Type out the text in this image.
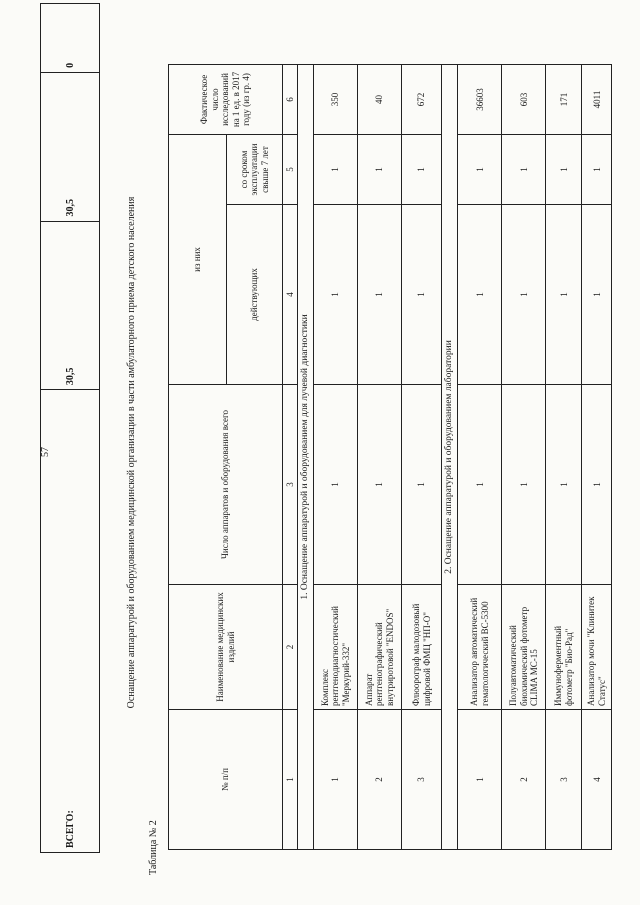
ВСЕГО:	30,5	30,5	0
57	Оснащение аппаратурой и оборудованием медицинской организации в части амбулаторного приема детского населения
Таблица № 2
№ п/п	Наименование медицинских изделий	Число аппаратов и оборудования всего	из них		Фактическое число исследований на 1 ед. в 2017 году (из гр. 4)
			действующих	со сроком эксплуатации свыше 7 лет	
1	2	3	4	5	6
1. Оснащение аппаратурой и оборудованием для лучевой диагностики					
1	Комплекс рентгенодиагностический "Меркурий-332"	1	1	1	350
2	Аппарат рентгенографический внутриротовой "ENDOS"	1	1	1	40
3	Флюорограф малодозовый цифровой ФМЦ "НП-О"	1	1	1	672
2. Оснащение аппаратурой и оборудованием лаборатории					
1	Анализатор автоматический гематологический ВС-5300	1	1	1	36603
2	Полуавтоматический биохимический фотометр CLIMA MC-15	1	1	1	603
3	Иммуноферментный фотометр "Био-Рад"	1	1	1	171
4	Анализатор мочи "Клинитек Статус"	1	1	1	4011
